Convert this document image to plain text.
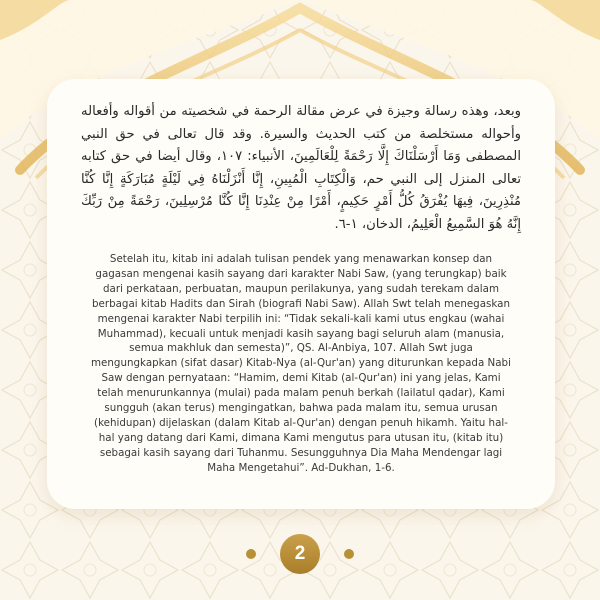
وبعد، وهذه رسالة وجيزة في عرض مقالة الرحمة في شخصيته من أقواله وأفعاله وأحواله مستخلصة من كتب الحديث والسيرة. وقد قال تعالى في حق النبي المصطفى وَمَا أَرْسَلْنَاكَ إِلَّا رَحْمَةً لِلْعَالَمِينَ، الأنبياء: ١٠٧، وقال أيضا في حق كتابه تعالى المنزل إلى النبي حم، وَالْكِتَابِ الْمُبِينِ، إِنَّا أَنْزَلْنَاهُ فِي لَيْلَةٍ مُبَارَكَةٍ إِنَّا كُنَّا مُنْذِرِينَ، فِيهَا يُفْرَقُ كُلُّ أَمْرٍ حَكِيمٍ، أَمْرًا مِنْ عِنْدِنَا إِنَّا كُنَّا مُرْسِلِينَ، رَحْمَةً مِنْ رَبِّكَ إِنَّهُ هُوَ السَّمِيعُ الْعَلِيمُ، الدخان، ١-٦.

Setelah itu, kitab ini adalah tulisan pendek yang menawarkan konsep dan gagasan mengenai kasih sayang dari karakter Nabi Saw, (yang terungkap) baik dari perkataan, perbuatan, maupun perilakunya, yang sudah terekam dalam berbagai kitab Hadits dan Sirah (biografi Nabi Saw). Allah Swt telah menegaskan mengenai karakter Nabi terpilih ini: “Tidak sekali-kali kami utus engkau (wahai Muhammad), kecuali untuk menjadi kasih sayang bagi seluruh alam (manusia, semua makhluk dan semesta)”, QS. Al-Anbiya, 107. Allah Swt juga mengungkapkan (sifat dasar) Kitab-Nya (al-Qur'an) yang diturunkan kepada Nabi Saw dengan pernyataan: “Hamim, demi Kitab (al-Qur'an) ini yang jelas, Kami telah menurunkannya (mulai) pada malam penuh berkah (lailatul qadar), Kami sungguh (akan terus) mengingatkan, bahwa pada malam itu, semua urusan (kehidupan) dijelaskan (dalam Kitab al-Qur'an) dengan penuh hikamh. Yaitu hal-hal yang datang dari Kami, dimana Kami mengutus para utusan itu, (kitab itu) sebagai kasih sayang dari Tuhanmu. Sesungguhnya Dia Maha Mendengar lagi Maha Mengetahui”. Ad-Dukhan, 1-6.

2
